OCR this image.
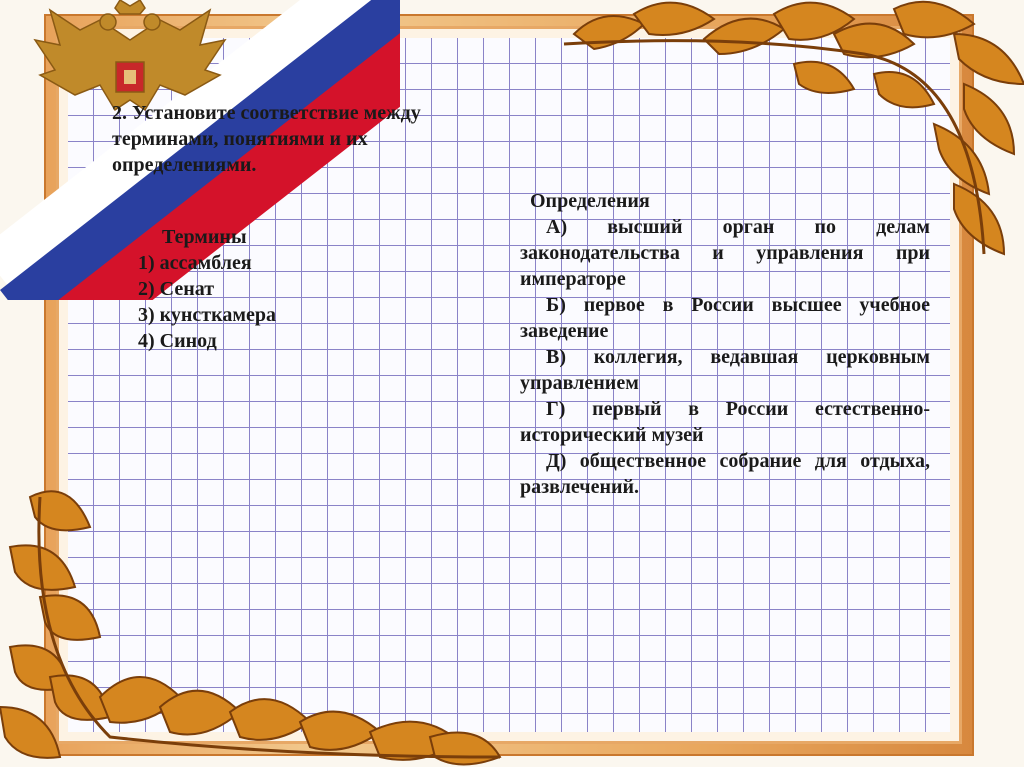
2. Установите соответствие между терминами, понятиями и их определениями.
Термины
1) ассамблея
2) Сенат
3) кунсткамера
4) Синод
Определения
А) высший орган по делам законодательства и управления при императоре
Б) первое в России высшее учебное заведение
В) коллегия, ведавшая церковным управлением
Г) первый в России естественно-исторический музей
Д) общественное собрание для отдыха, развлечений.
